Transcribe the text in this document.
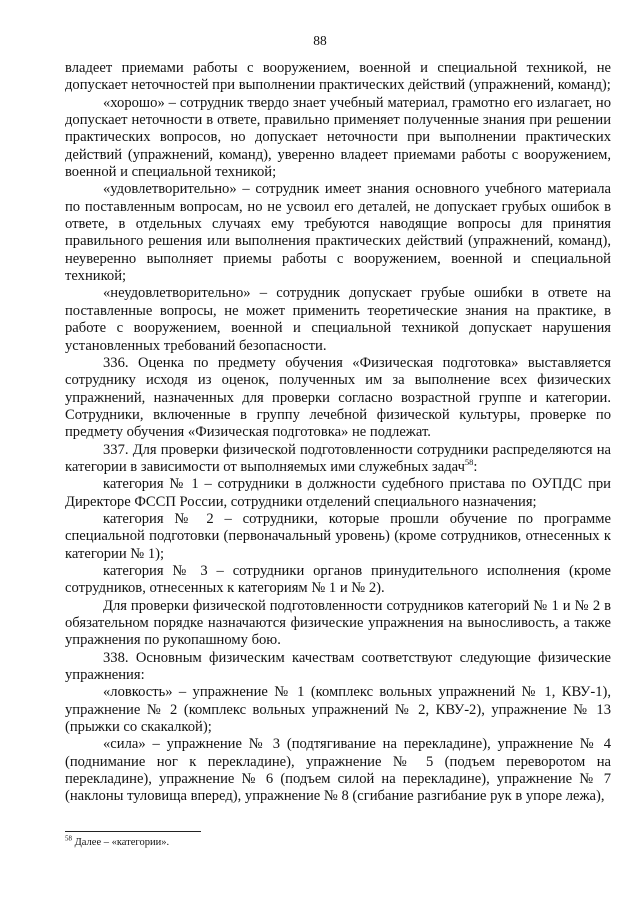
88

владеет приемами работы с вооружением, военной и специальной техникой, не допускает неточностей при выполнении практических действий (упражнений, команд);

«хорошо» – сотрудник твердо знает учебный материал, грамотно его излагает, но допускает неточности в ответе, правильно применяет полученные знания при решении практических вопросов, но допускает неточности при выполнении практических действий (упражнений, команд), уверенно владеет приемами работы с вооружением, военной и специальной техникой;

«удовлетворительно» – сотрудник имеет знания основного учебного материала по поставленным вопросам, но не усвоил его деталей, не допускает грубых ошибок в ответе, в отдельных случаях ему требуются наводящие вопросы для принятия правильного решения или выполнения практических действий (упражнений, команд), неуверенно выполняет приемы работы с вооружением, военной и специальной техникой;

«неудовлетворительно» – сотрудник допускает грубые ошибки в ответе на поставленные вопросы, не может применить теоретические знания на практике, в работе с вооружением, военной и специальной техникой допускает нарушения установленных требований безопасности.

336. Оценка по предмету обучения «Физическая подготовка» выставляется сотруднику исходя из оценок, полученных им за выполнение всех физических упражнений, назначенных для проверки согласно возрастной группе и категории. Сотрудники, включенные в группу лечебной физической культуры, проверке по предмету обучения «Физическая подготовка» не подлежат.

337. Для проверки физической подготовленности сотрудники распределяются на категории в зависимости от выполняемых ими служебных задач$^{58}$:

категория № 1 – сотрудники в должности судебного пристава по ОУПДС при Директоре ФССП России, сотрудники отделений специального назначения;

категория № 2 – сотрудники, которые прошли обучение по программе специальной подготовки (первоначальный уровень) (кроме сотрудников, отнесенных к категории № 1);

категория № 3 – сотрудники органов принудительного исполнения (кроме сотрудников, отнесенных к категориям № 1 и № 2).

Для проверки физической подготовленности сотрудников категорий № 1 и № 2 в обязательном порядке назначаются физические упражнения на выносливость, а также упражнения по рукопашному бою.

338. Основным физическим качествам соответствуют следующие физические упражнения:

«ловкость» – упражнение № 1 (комплекс вольных упражнений № 1, КВУ-1), упражнение № 2 (комплекс вольных упражнений № 2, КВУ-2), упражнение № 13 (прыжки со скакалкой);

«сила» – упражнение № 3 (подтягивание на перекладине), упражнение № 4 (поднимание ног к перекладине), упражнение № 5 (подъем переворотом на перекладине), упражнение № 6 (подъем силой на перекладине), упражнение № 7 (наклоны туловища вперед), упражнение № 8 (сгибание разгибание рук в упоре лежа),

$^{58}$ Далее – «категории».
